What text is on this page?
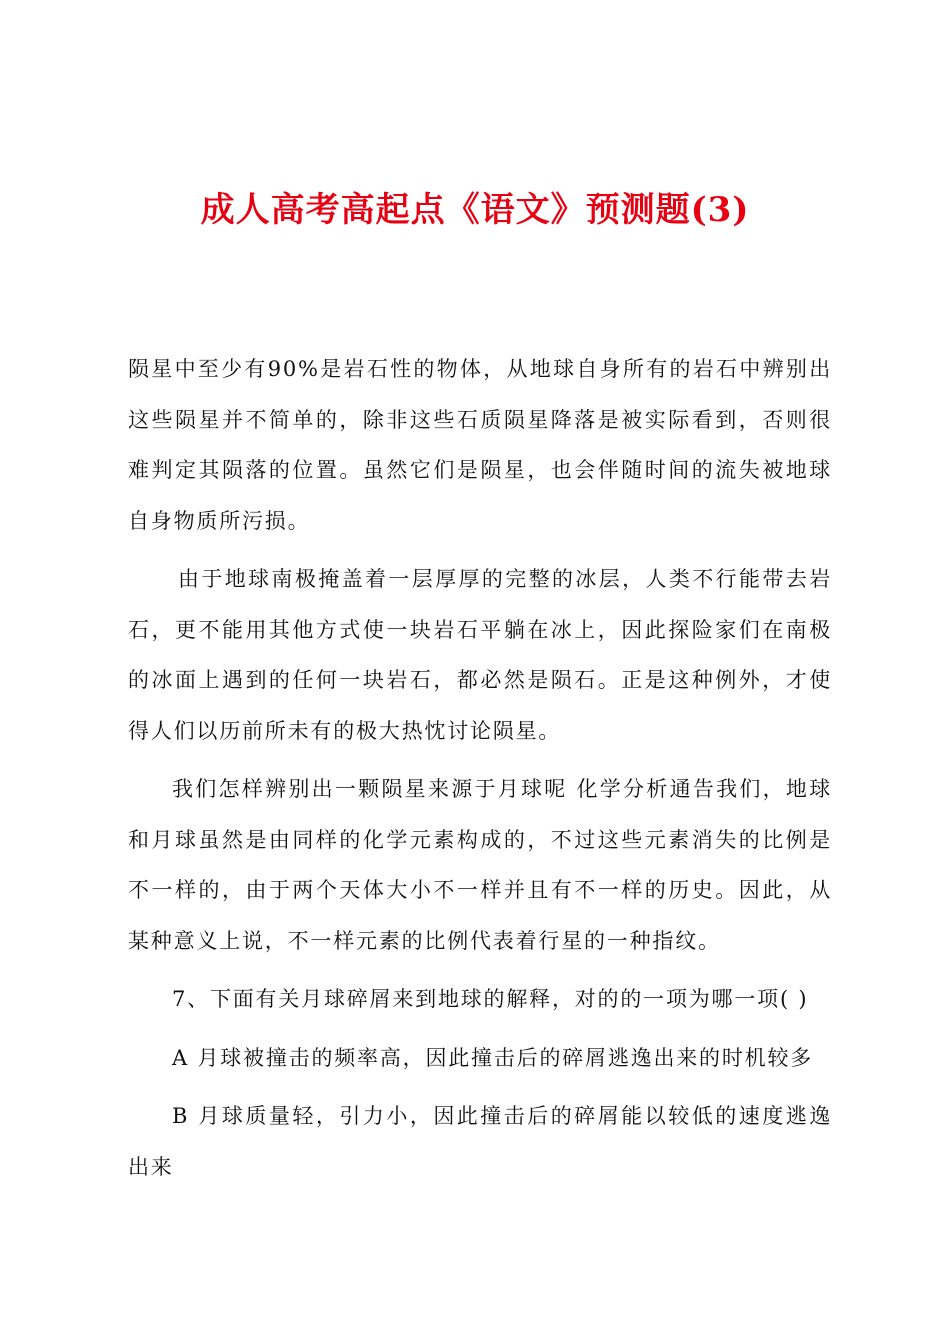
成人高考高起点《语文》预测题(3)

陨星中至少有90%是岩石性的物体，从地球自身所有的岩石中辨别出这些陨星并不简单的，除非这些石质陨星降落是被实际看到，否则很难判定其陨落的位置。虽然它们是陨星，也会伴随时间的流失被地球自身物质所污损。

由于地球南极掩盖着一层厚厚的完整的冰层，人类不行能带去岩石，更不能用其他方式使一块岩石平躺在冰上，因此探险家们在南极的冰面上遇到的任何一块岩石，都必然是陨石。正是这种例外，才使得人们以历前所未有的极大热忱讨论陨星。

我们怎样辨别出一颗陨星来源于月球呢 化学分析通告我们，地球和月球虽然是由同样的化学元素构成的，不过这些元素消失的比例是不一样的，由于两个天体大小不一样并且有不一样的历史。因此，从某种意义上说，不一样元素的比例代表着行星的一种指纹。

7、下面有关月球碎屑来到地球的解释，对的的一项为哪一项( )

A 月球被撞击的频率高，因此撞击后的碎屑逃逸出来的时机较多

B 月球质量轻，引力小，因此撞击后的碎屑能以较低的速度逃逸出来
